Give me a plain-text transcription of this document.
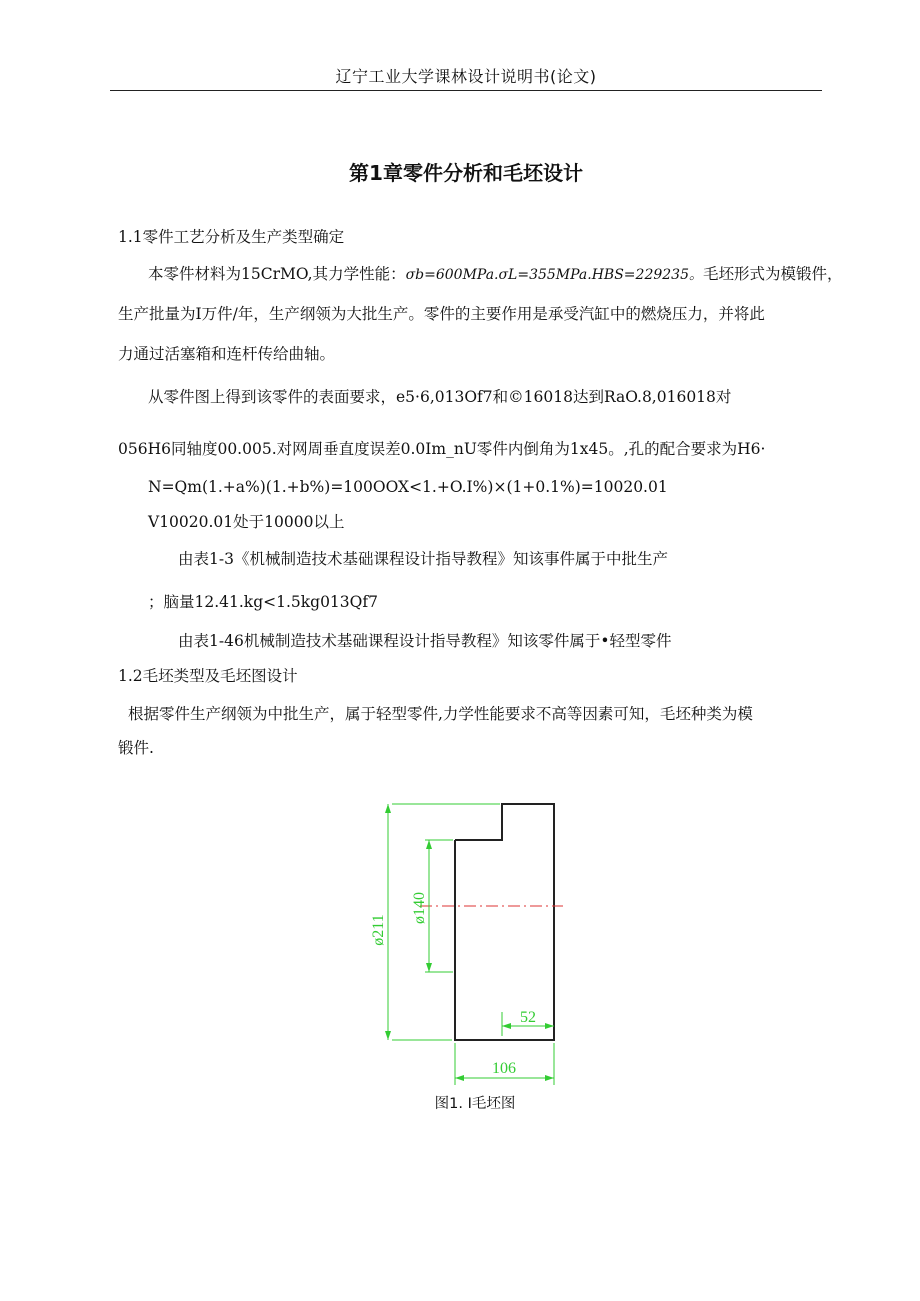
辽宁工业大学课林设计说明书(论文)
第1章零件分析和毛坯设计
1.1零件工艺分析及生产类型确定
本零件材料为15CrMO,其力学性能：σb=600MPa.σL=355MPa.HBS=229235。毛坯形式为模锻件，
生产批量为I万件/年，生产纲领为大批生产。零件的主要作用是承受汽缸中的燃烧压力，并将此
力通过活塞箱和连杆传给曲轴。
从零件图上得到该零件的表面要求，e5·6,013Of7和©16018达到RaO.8,016018对
056H6同轴度00.005.对网周垂直度误差0.0Im_nU零件内倒角为1x45。,孔的配合要求为H6·
N=Qm(1.+a%)(1.+b%)=100OOX<1.+O.I%)×(1+0.1%)=10020.01
V10020.01处于10000以上
由表1-3《机械制造技术基础课程设计指导教程》知该事件属于中批生产
；脑量12.41.kg<1.5kg013Qf7
由表1-46机械制造技术基础课程设计指导教程》知该零件属于•轻型零件
1.2毛坯类型及毛坯图设计
根据零件生产纲领为中批生产，属于轻型零件,力学性能要求不高等因素可知，毛坯种类为模
锻件.
ø211
ø140
52
106
图1. I毛坯图
